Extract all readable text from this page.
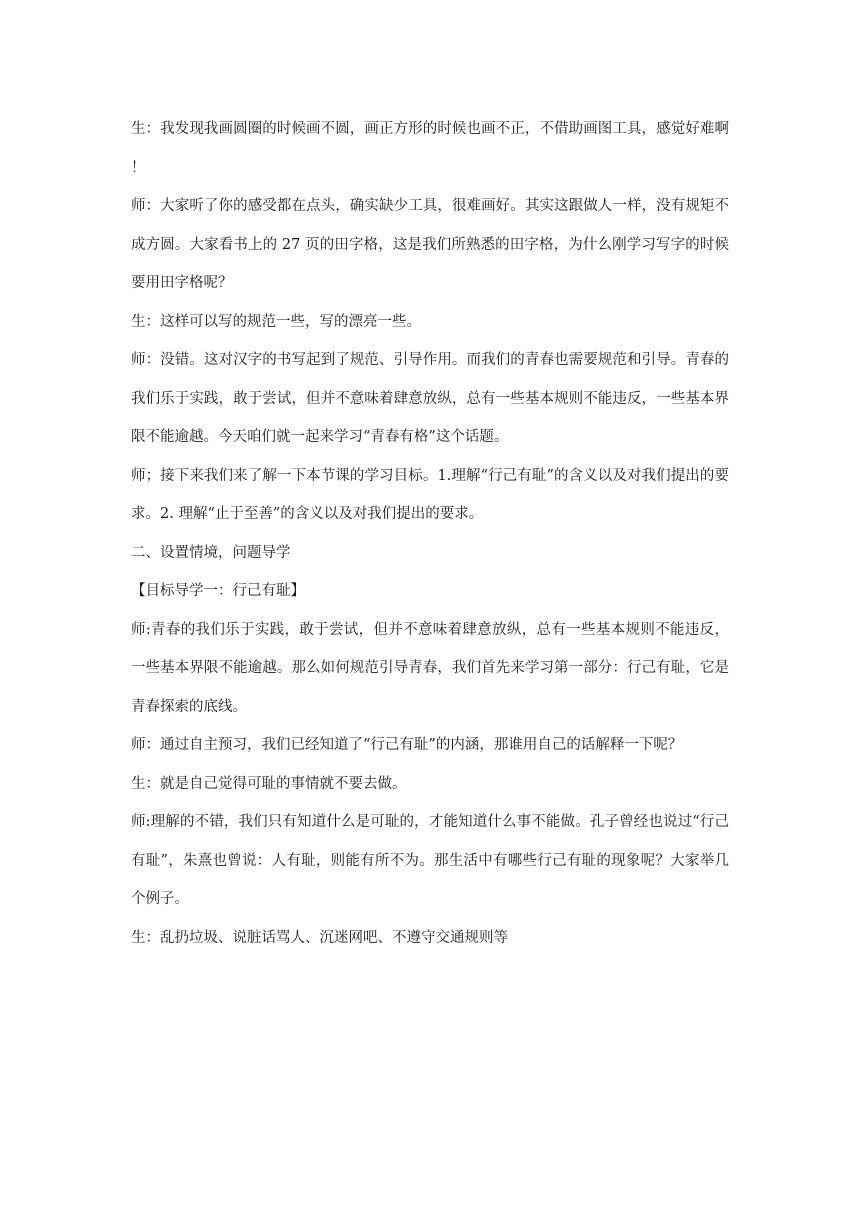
生：我发现我画圆圈的时候画不圆，画正方形的时候也画不正，不借助画图工具，感觉好难啊！

师：大家听了你的感受都在点头，确实缺少工具，很难画好。其实这跟做人一样，没有规矩不成方圆。大家看书上的 27 页的田字格，这是我们所熟悉的田字格，为什么刚学习写字的时候要用田字格呢？

生：这样可以写的规范一些，写的漂亮一些。

师：没错。这对汉字的书写起到了规范、引导作用。而我们的青春也需要规范和引导。青春的我们乐于实践，敢于尝试，但并不意味着肆意放纵，总有一些基本规则不能违反，一些基本界限不能逾越。今天咱们就一起来学习“青春有格”这个话题。

师；接下来我们来了解一下本节课的学习目标。1.理解“行己有耻”的含义以及对我们提出的要求。2. 理解“止于至善”的含义以及对我们提出的要求。

二、设置情境，问题导学

【目标导学一：行己有耻】

师:青春的我们乐于实践，敢于尝试，但并不意味着肆意放纵，总有一些基本规则不能违反，一些基本界限不能逾越。那么如何规范引导青春，我们首先来学习第一部分：行己有耻，它是青春探索的底线。

师：通过自主预习，我们已经知道了“行己有耻”的内涵，那谁用自己的话解释一下呢？

生：就是自己觉得可耻的事情就不要去做。

师:理解的不错，我们只有知道什么是可耻的，才能知道什么事不能做。孔子曾经也说过“行己有耻”，朱熹也曾说：人有耻，则能有所不为。那生活中有哪些行己有耻的现象呢？大家举几个例子。

生：乱扔垃圾、说脏话骂人、沉迷网吧、不遵守交通规则等
